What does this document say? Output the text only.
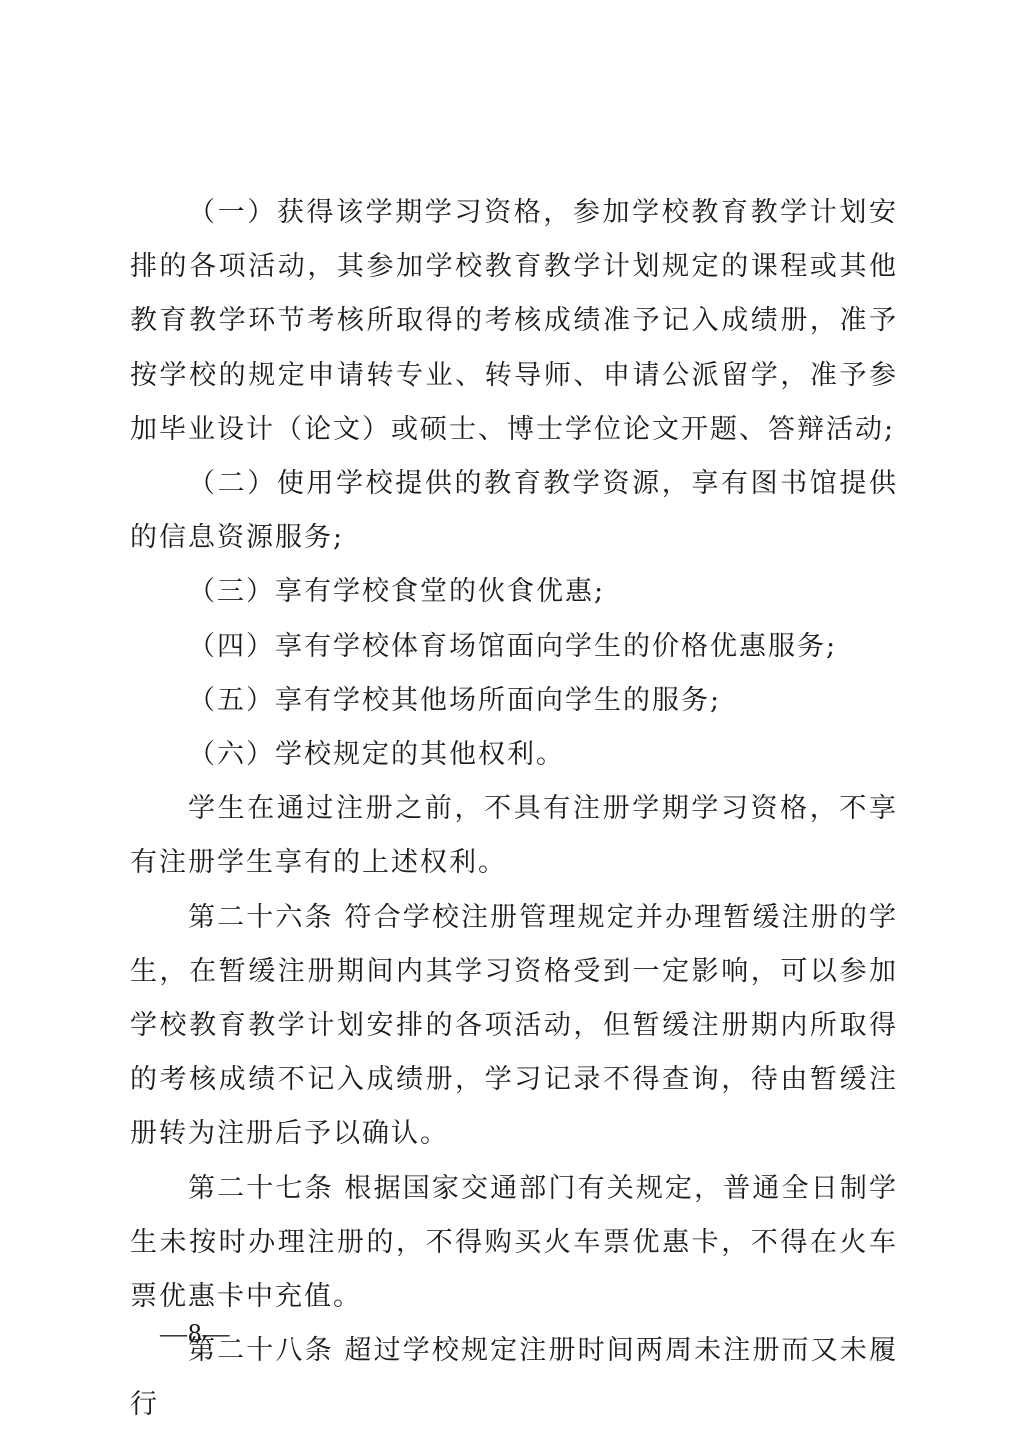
（一）获得该学期学习资格，参加学校教育教学计划安排的各项活动，其参加学校教育教学计划规定的课程或其他教育教学环节考核所取得的考核成绩准予记入成绩册，准予按学校的规定申请转专业、转导师、申请公派留学，准予参加毕业设计（论文）或硕士、博士学位论文开题、答辩活动;

（二）使用学校提供的教育教学资源，享有图书馆提供的信息资源服务;

（三）享有学校食堂的伙食优惠;

（四）享有学校体育场馆面向学生的价格优惠服务;

（五）享有学校其他场所面向学生的服务;

（六）学校规定的其他权利。

学生在通过注册之前，不具有注册学期学习资格，不享有注册学生享有的上述权利。

第二十六条 符合学校注册管理规定并办理暂缓注册的学生，在暂缓注册期间内其学习资格受到一定影响，可以参加学校教育教学计划安排的各项活动，但暂缓注册期内所取得的考核成绩不记入成绩册，学习记录不得查询，待由暂缓注册转为注册后予以确认。

第二十七条 根据国家交通部门有关规定，普通全日制学生未按时办理注册的，不得购买火车票优惠卡，不得在火车票优惠卡中充值。

第二十八条 超过学校规定注册时间两周未注册而又未履行

—8—
